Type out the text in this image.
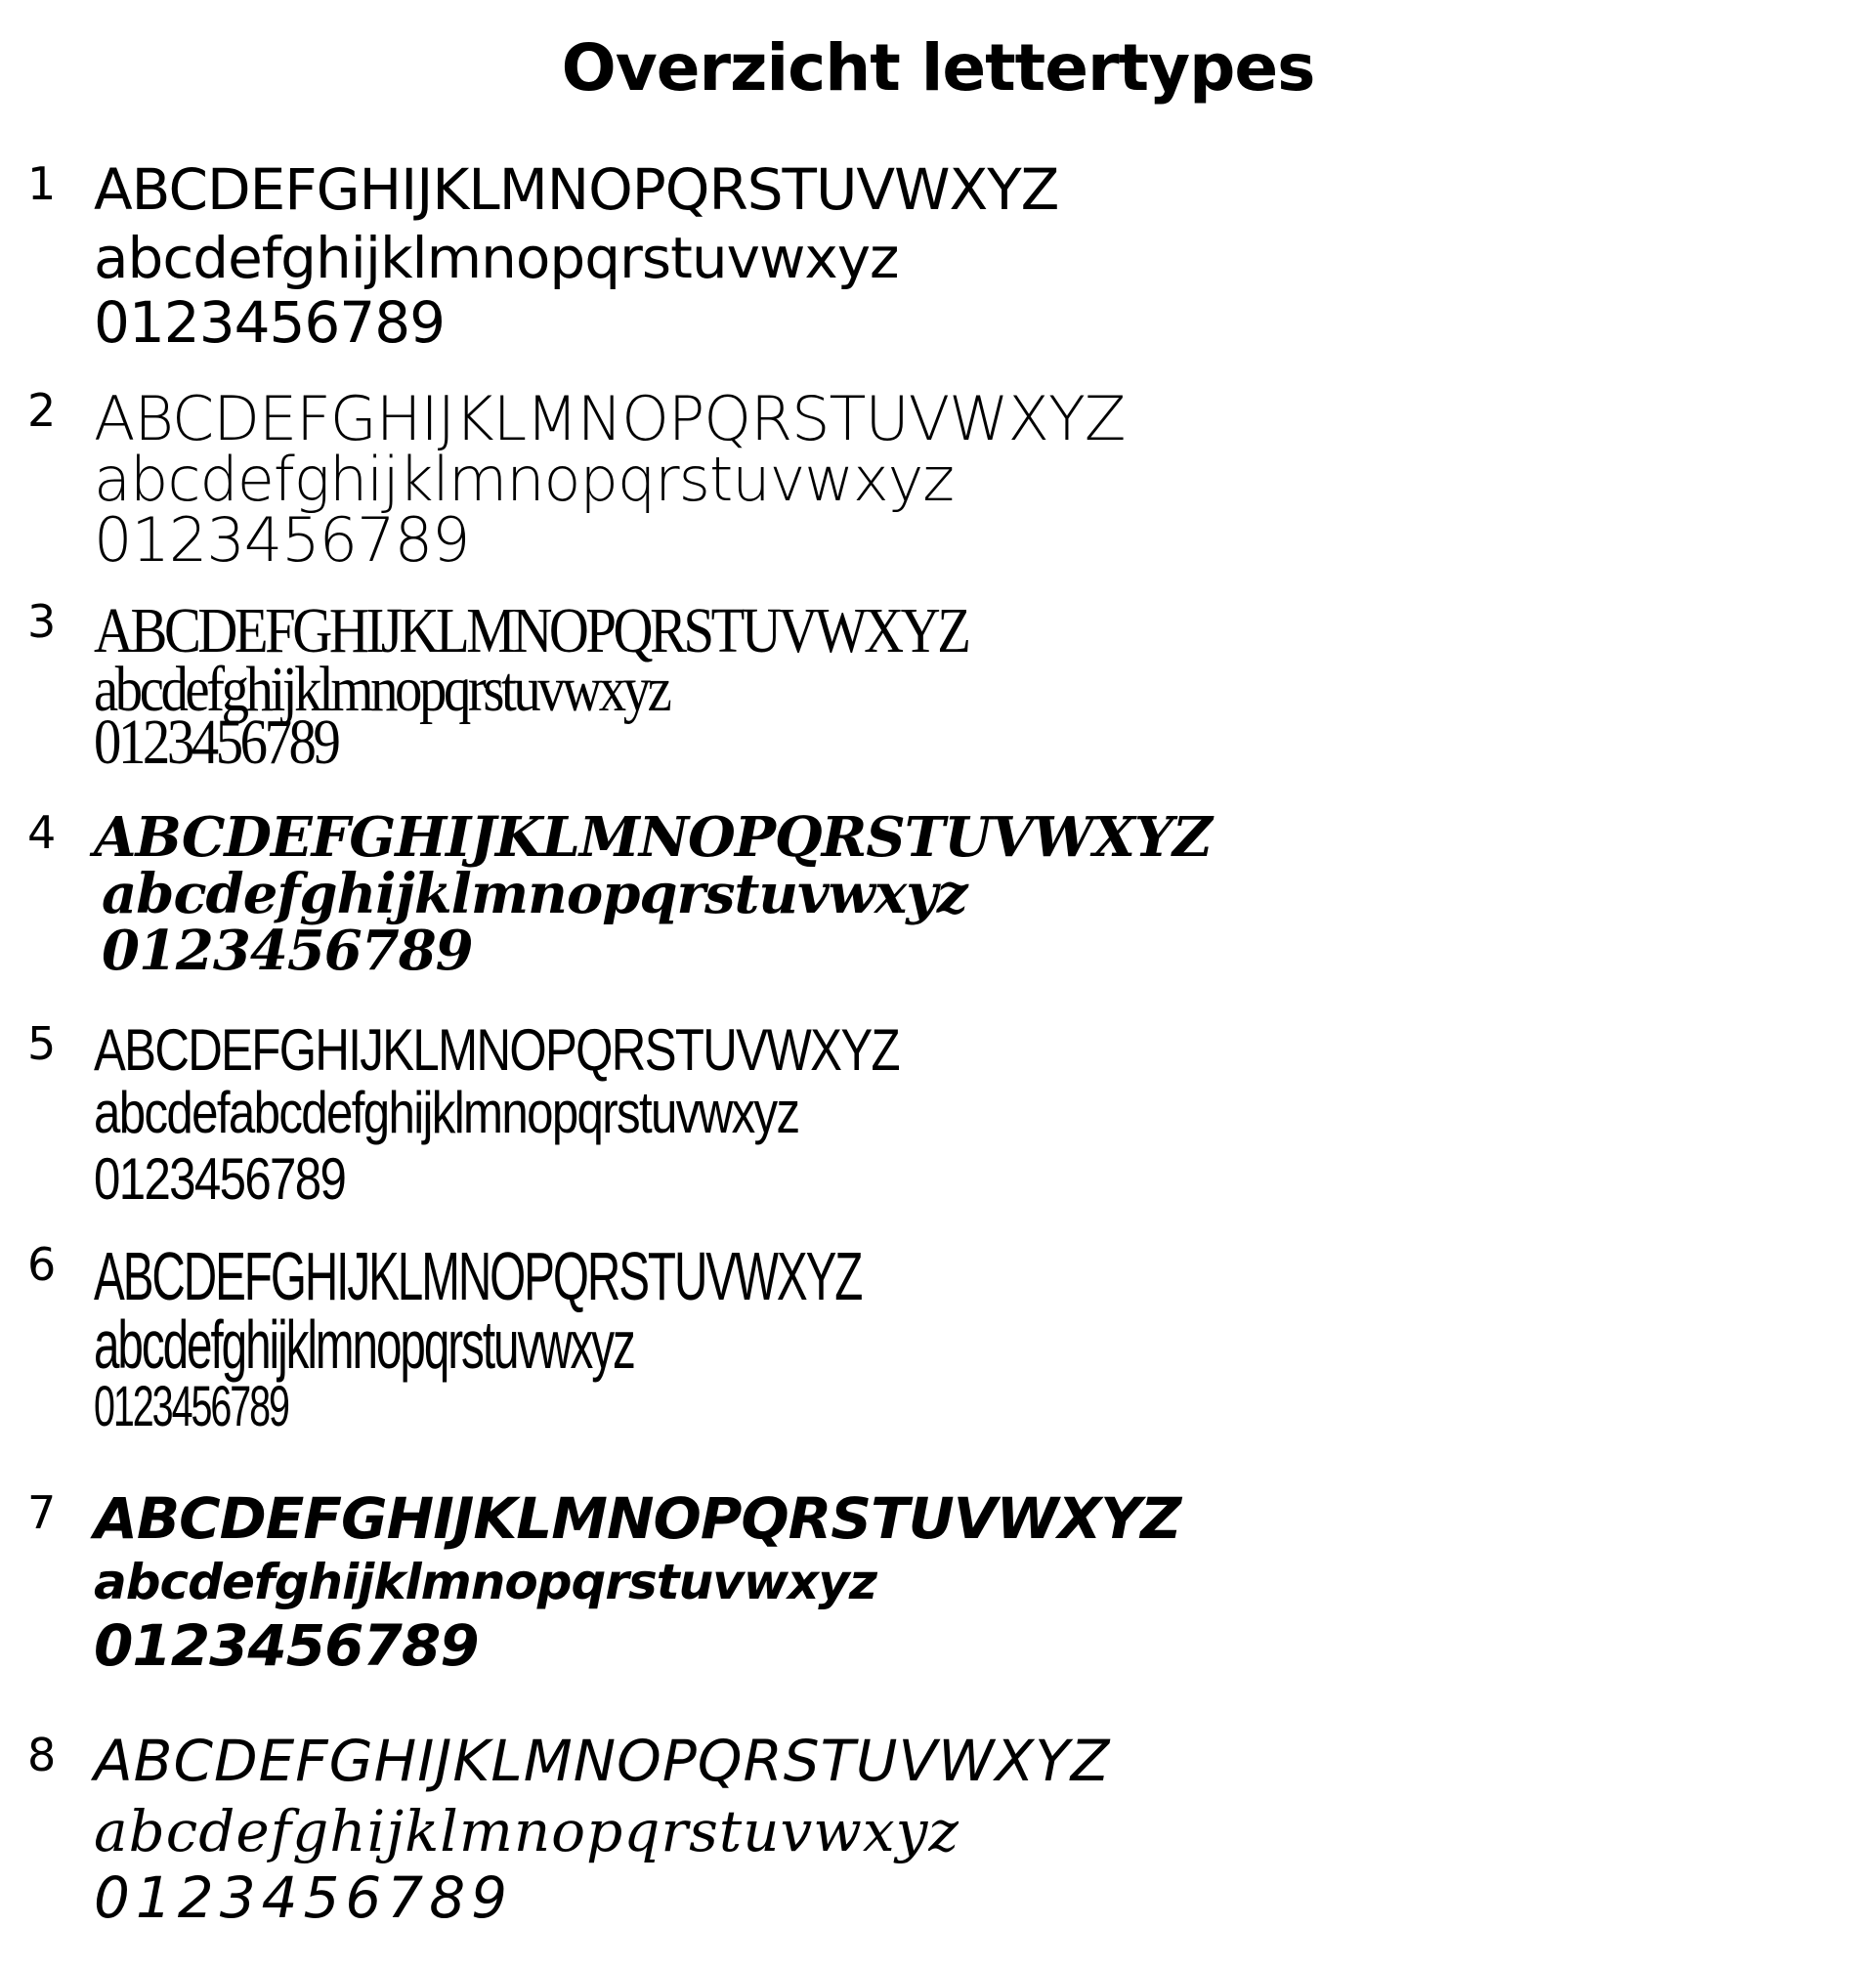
Overzicht lettertypes
1 ABCDEFGHIJKLMNOPQRSTUVWXYZ
abcdefghijklmnopqrstuvwxyz
0123456789
2 ABCDEFGHIJKLMNOPQRSTUVWXYZ
abcdefghijklmnopqrstuvwxyz
0123456789
3 ABCDEFGHIJKLMNOPQRSTUVWXYZ
abcdefghijklmnopqrstuvwxyz
0123456789
4 ABCDEFGHIJKLMNOPQRSTUVWXYZ
abcdefghijklmnopqrstuvwxyz
0123456789
5 ABCDEFGHIJKLMNOPQRSTUVWXYZ
abcdefabcdefghijklmnopqrstuvwxyz
0123456789
6 ABCDEFGHIJKLMNOPQRSTUVWXYZ
abcdefghijklmnopqrstuvwxyz
0123456789
7 ABCDEFGHIJKLMNOPQRSTUVWXYZ
abcdefghijklmnopqrstuvwxyz
0123456789
8 ABCDEFGHIJKLMNOPQRSTUVWXYZ
abcdefghijklmnopqrstuvwxyz
0123456789
